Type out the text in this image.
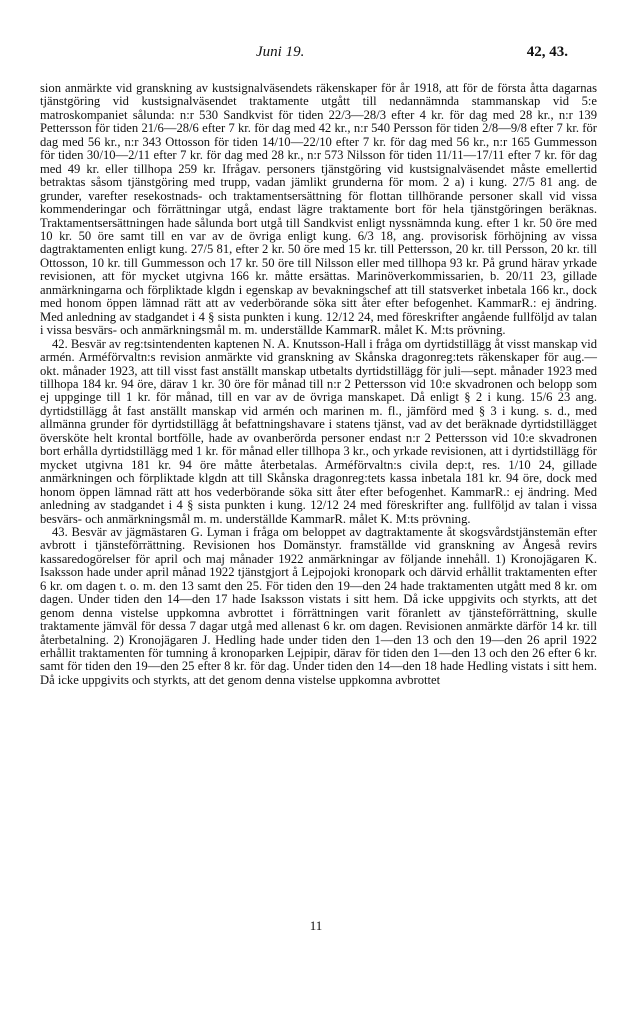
Juni 19.	42, 43.

sion anmärkte vid granskning av kustsignalväsendets räkenskaper för år 1918, att för de första åtta dagarnas tjänstgöring vid kustsignalväsendet traktamente utgått till nedannämnda stammanskap vid 5:e matroskompaniet sålunda: n:r 530 Sandkvist för tiden 22/3—28/3 efter 4 kr. för dag med 28 kr., n:r 139 Pettersson för tiden 21/6—28/6 efter 7 kr. för dag med 42 kr., n:r 540 Persson för tiden 2/8—9/8 efter 7 kr. för dag med 56 kr., n:r 343 Ottosson för tiden 14/10—22/10 efter 7 kr. för dag med 56 kr., n:r 165 Gummesson för tiden 30/10—2/11 efter 7 kr. för dag med 28 kr., n:r 573 Nilsson för tiden 11/11—17/11 efter 7 kr. för dag med 49 kr. eller tillhopa 259 kr. Ifrågav. personers tjänstgöring vid kustsignalväsendet måste emellertid betraktas såsom tjänstgöring med trupp, vadan jämlikt grunderna för mom. 2 a) i kung. 27/5 81 ang. de grunder, varefter resekostnads- och traktamentsersättning för flottan tillhörande personer skall vid vissa kommenderingar och förrättningar utgå, endast lägre traktamente bort för hela tjänstgöringen beräknas. Traktamentsersättningen hade sålunda bort utgå till Sandkvist enligt nyssnämnda kung. efter 1 kr. 50 öre med 10 kr. 50 öre samt till en var av de övriga enligt kung. 6/3 18, ang. provisorisk förhöjning av vissa dagtraktamenten enligt kung. 27/5 81, efter 2 kr. 50 öre med 15 kr. till Pettersson, 20 kr. till Persson, 20 kr. till Ottosson, 10 kr. till Gummesson och 17 kr. 50 öre till Nilsson eller med tillhopa 93 kr. På grund härav yrkade revisionen, att för mycket utgivna 166 kr. måtte ersättas. Marinöverkommissarien, b. 20/11 23, gillade anmärkningarna och förpliktade klgdn i egenskap av bevakningschef att till statsverket inbetala 166 kr., dock med honom öppen lämnad rätt att av vederbörande söka sitt åter efter befogenhet. KammarR.: ej ändring. Med anledning av stadgandet i 4 § sista punkten i kung. 12/12 24, med föreskrifter angående fullföljd av talan i vissa besvärs- och anmärkningsmål m. m. underställde KammarR. målet K. M:ts prövning.

42. Besvär av reg:tsintendenten kaptenen N. A. Knutsson-Hall i fråga om dyrtidstillägg åt visst manskap vid armén. Arméförvaltn:s revision anmärkte vid granskning av Skånska dragonreg:tets räkenskaper för aug.—okt. månader 1923, att till visst fast anställt manskap utbetalts dyrtidstillägg för juli—sept. månader 1923 med tillhopa 184 kr. 94 öre, därav 1 kr. 30 öre för månad till n:r 2 Pettersson vid 10:e skvadronen och belopp som ej uppginge till 1 kr. för månad, till en var av de övriga manskapet. Då enligt § 2 i kung. 15/6 23 ang. dyrtidstillägg åt fast anställt manskap vid armén och marinen m. fl., jämförd med § 3 i kung. s. d., med allmänna grunder för dyrtidstillägg åt befattningshavare i statens tjänst, vad av det beräknade dyrtidstillägget översköte helt krontal bortfölle, hade av ovanberörda personer endast n:r 2 Pettersson vid 10:e skvadronen bort erhålla dyrtidstillägg med 1 kr. för månad eller tillhopa 3 kr., och yrkade revisionen, att i dyrtidstillägg för mycket utgivna 181 kr. 94 öre måtte återbetalas. Arméförvaltn:s civila dep:t, res. 1/10 24, gillade anmärkningen och förpliktade klgdn att till Skånska dragonreg:tets kassa inbetala 181 kr. 94 öre, dock med honom öppen lämnad rätt att hos vederbörande söka sitt åter efter befogenhet. KammarR.: ej ändring. Med anledning av stadgandet i 4 § sista punkten i kung. 12/12 24 med föreskrifter ang. fullföljd av talan i vissa besvärs- och anmärkningsmål m. m. underställde KammarR. målet K. M:ts prövning.

43. Besvär av jägmästaren G. Lyman i fråga om beloppet av dagtraktamente åt skogsvårdstjänstemän efter avbrott i tjänsteförrättning. Revisionen hos Domänstyr. framställde vid granskning av Ångeså revirs kassaredogörelser för april och maj månader 1922 anmärkningar av följande innehåll. 1) Kronojägaren K. Isaksson hade under april månad 1922 tjänstgjort å Lejpojoki kronopark och därvid erhållit traktamenten efter 6 kr. om dagen t. o. m. den 13 samt den 25. För tiden den 19—den 24 hade traktamenten utgått med 8 kr. om dagen. Under tiden den 14—den 17 hade Isaksson vistats i sitt hem. Då icke uppgivits och styrkts, att det genom denna vistelse uppkomna avbrottet i förrättningen varit föranlett av tjänsteförrättning, skulle traktamente jämväl för dessa 7 dagar utgå med allenast 6 kr. om dagen. Revisionen anmärkte därför 14 kr. till återbetalning. 2) Kronojägaren J. Hedling hade under tiden den 1—den 13 och den 19—den 26 april 1922 erhållit traktamenten för tumning å kronoparken Lejpipir, därav för tiden den 1—den 13 och den 26 efter 6 kr. samt för tiden den 19—den 25 efter 8 kr. för dag. Under tiden den 14—den 18 hade Hedling vistats i sitt hem. Då icke uppgivits och styrkts, att det genom denna vistelse uppkomna avbrottet

11
